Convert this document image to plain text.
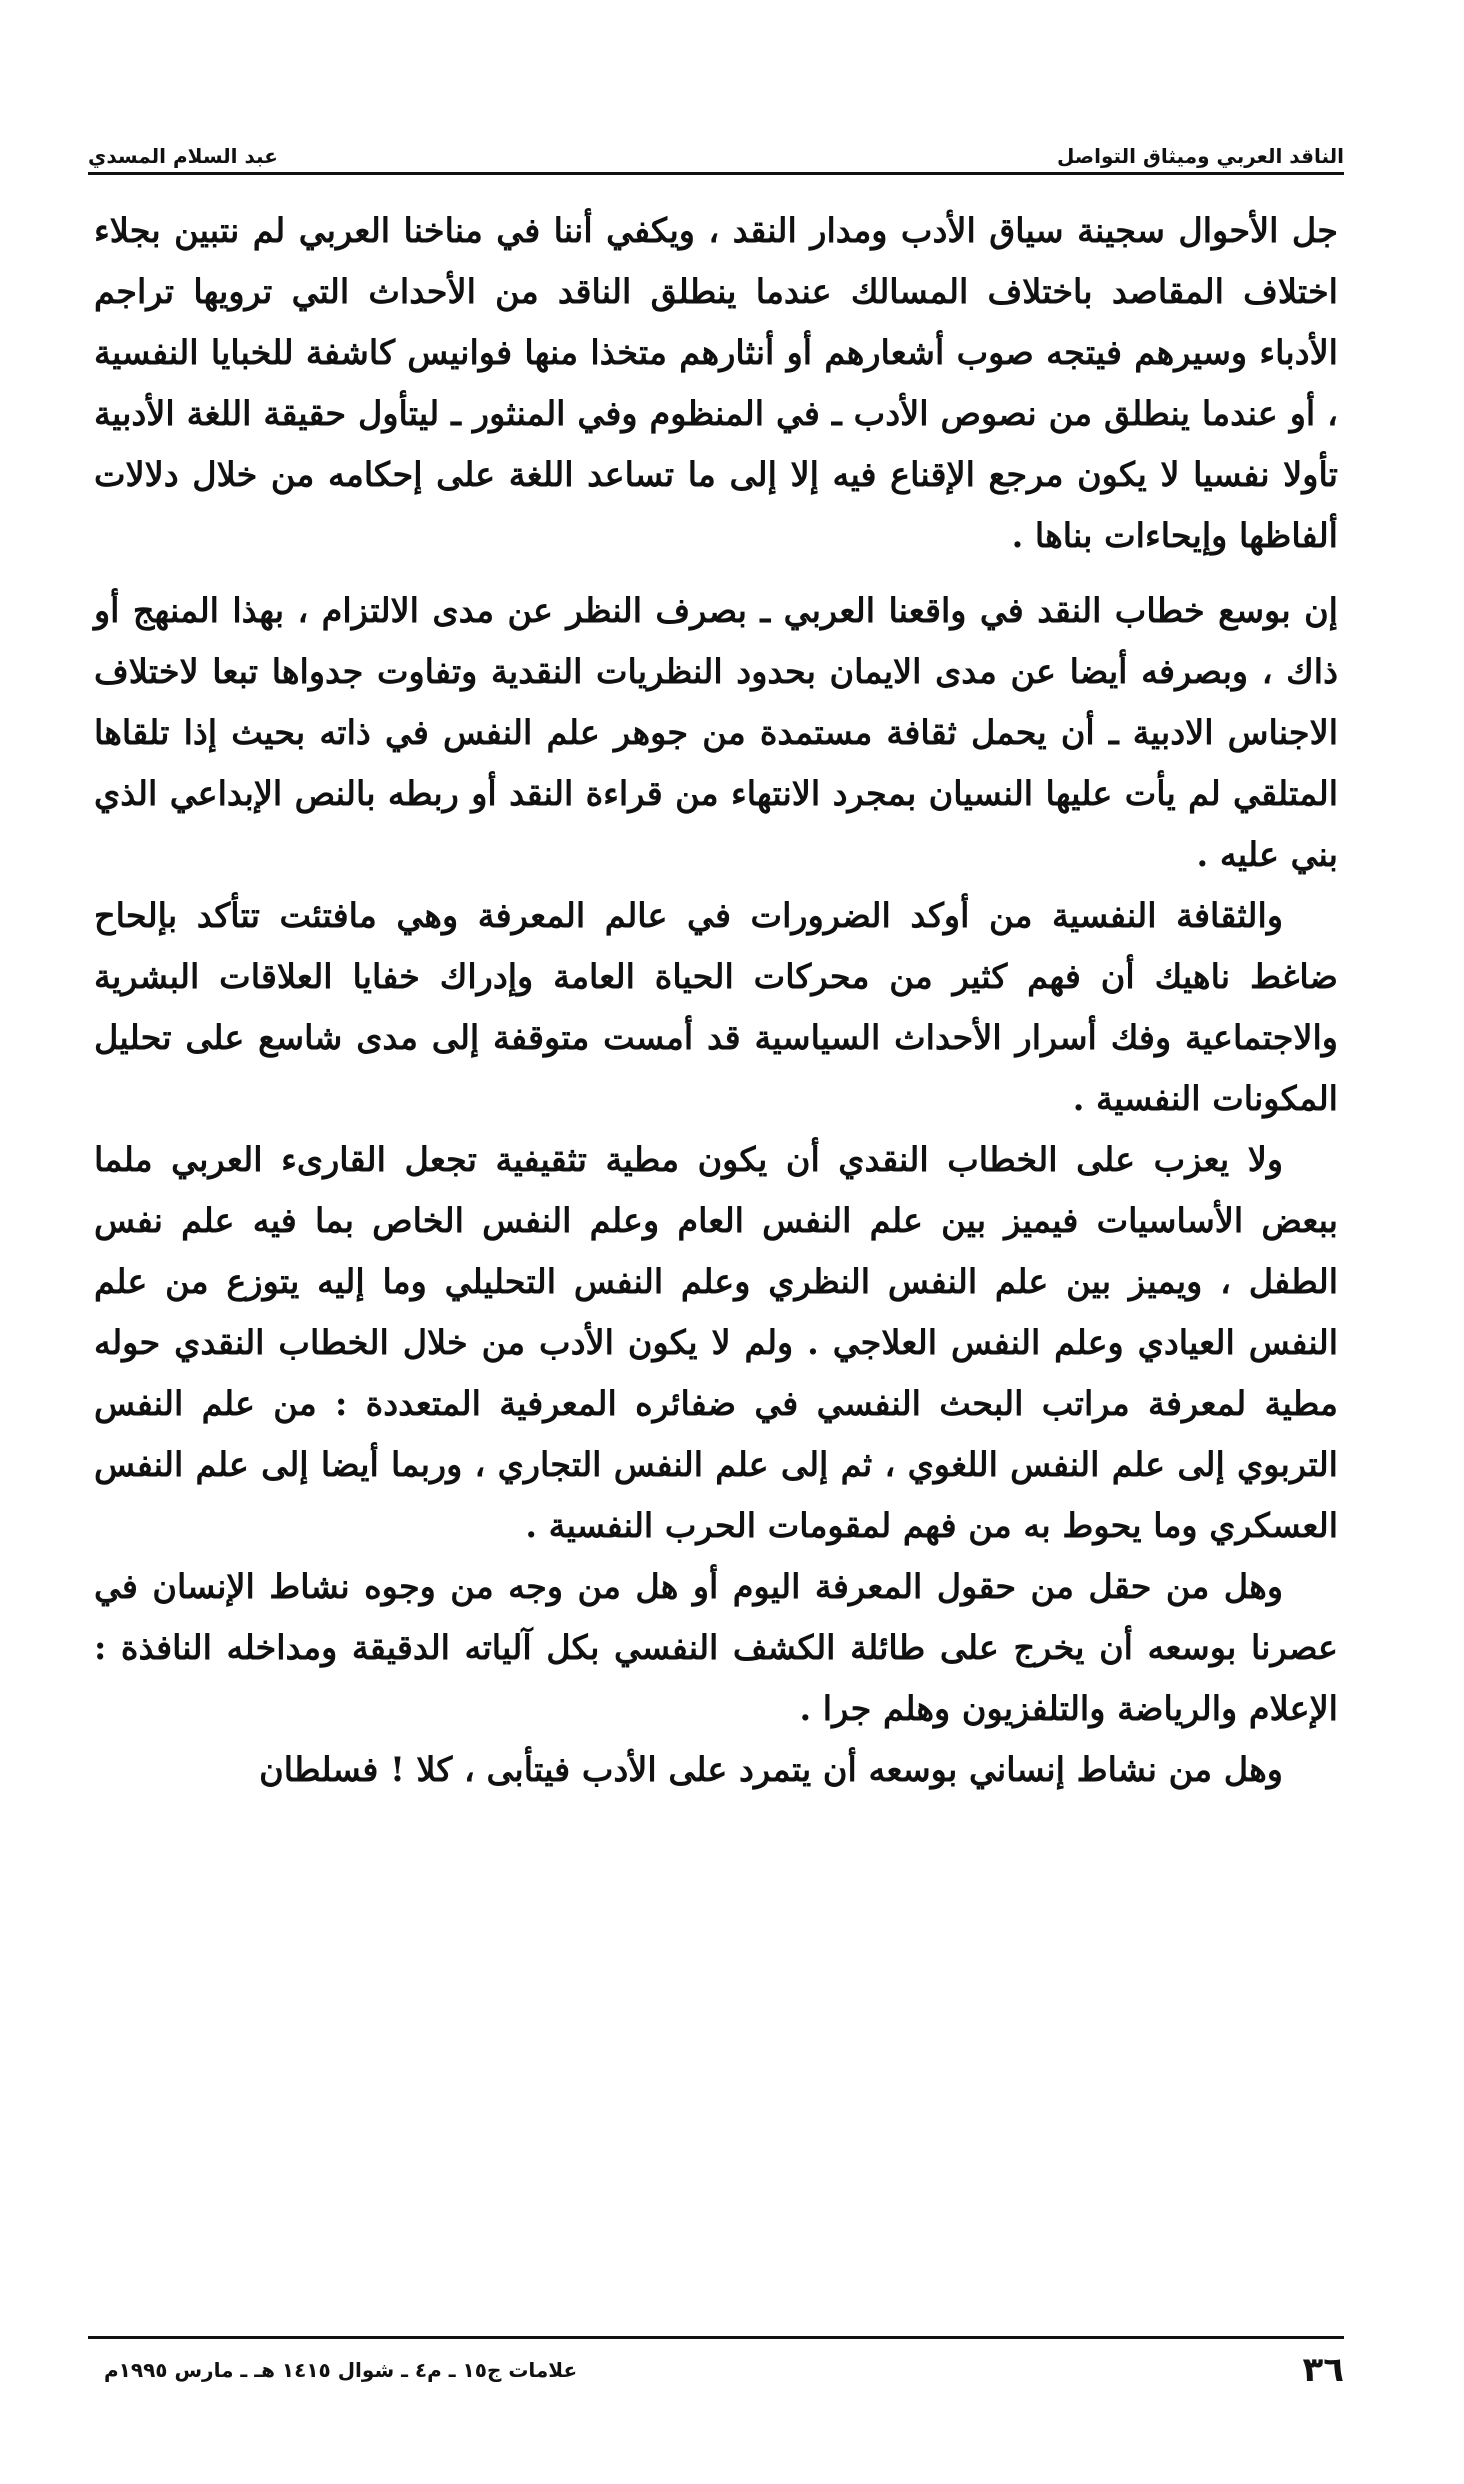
الناقد العربي وميثاق التواصل
عبد السلام المسدي

جل الأحوال سجينة سياق الأدب ومدار النقد ، ويكفي أننا في مناخنا العربي لم نتبين بجلاء اختلاف المقاصد باختلاف المسالك عندما ينطلق الناقد من الأحداث التي ترويها تراجم الأدباء وسيرهم فيتجه صوب أشعارهم أو أنثارهم متخذا منها فوانيس كاشفة للخبايا النفسية ، أو عندما ينطلق من نصوص الأدب ـ في المنظوم وفي المنثور ـ ليتأول حقيقة اللغة الأدبية تأولا نفسيا لا يكون مرجع الإقناع فيه إلا إلى ما تساعد اللغة على إحكامه من خلال دلالات ألفاظها وإيحاءات بناها .

إن بوسع خطاب النقد في واقعنا العربي ـ بصرف النظر عن مدى الالتزام ، بهذا المنهج أو ذاك ، وبصرفه أيضا عن مدى الايمان بحدود النظريات النقدية وتفاوت جدواها تبعا لاختلاف الاجناس الادبية ـ أن يحمل ثقافة مستمدة من جوهر علم النفس في ذاته بحيث إذا تلقاها المتلقي لم يأت عليها النسيان بمجرد الانتهاء من قراءة النقد أو ربطه بالنص الإبداعي الذي بني عليه .

والثقافة النفسية من أوكد الضرورات في عالم المعرفة وهي مافتئت تتأكد بإلحاح ضاغط ناهيك أن فهم كثير من محركات الحياة العامة وإدراك خفايا العلاقات البشرية والاجتماعية وفك أسرار الأحداث السياسية قد أمست متوقفة إلى مدى شاسع على تحليل المكونات النفسية .

ولا يعزب على الخطاب النقدي أن يكون مطية تثقيفية تجعل القارىء العربي ملما ببعض الأساسيات فيميز بين علم النفس العام وعلم النفس الخاص بما فيه علم نفس الطفل ، ويميز بين علم النفس النظري وعلم النفس التحليلي وما إليه يتوزع من علم النفس العيادي وعلم النفس العلاجي . ولم لا يكون الأدب من خلال الخطاب النقدي حوله مطية لمعرفة مراتب البحث النفسي في ضفائره المعرفية المتعددة : من علم النفس التربوي إلى علم النفس اللغوي ، ثم إلى علم النفس التجاري ، وربما أيضا إلى علم النفس العسكري وما يحوط به من فهم لمقومات الحرب النفسية .

وهل من حقل من حقول المعرفة اليوم أو هل من وجه من وجوه نشاط الإنسان في عصرنا بوسعه أن يخرج على طائلة الكشف النفسي بكل آلياته الدقيقة ومداخله النافذة : الإعلام والرياضة والتلفزيون وهلم جرا .

وهل من نشاط إنساني بوسعه أن يتمرد على الأدب فيتأبى ، كلا ! فسلطان

٣٦
علامات ج١٥ ـ م٤ ـ شوال ١٤١٥ هـ ـ مارس ١٩٩٥م
